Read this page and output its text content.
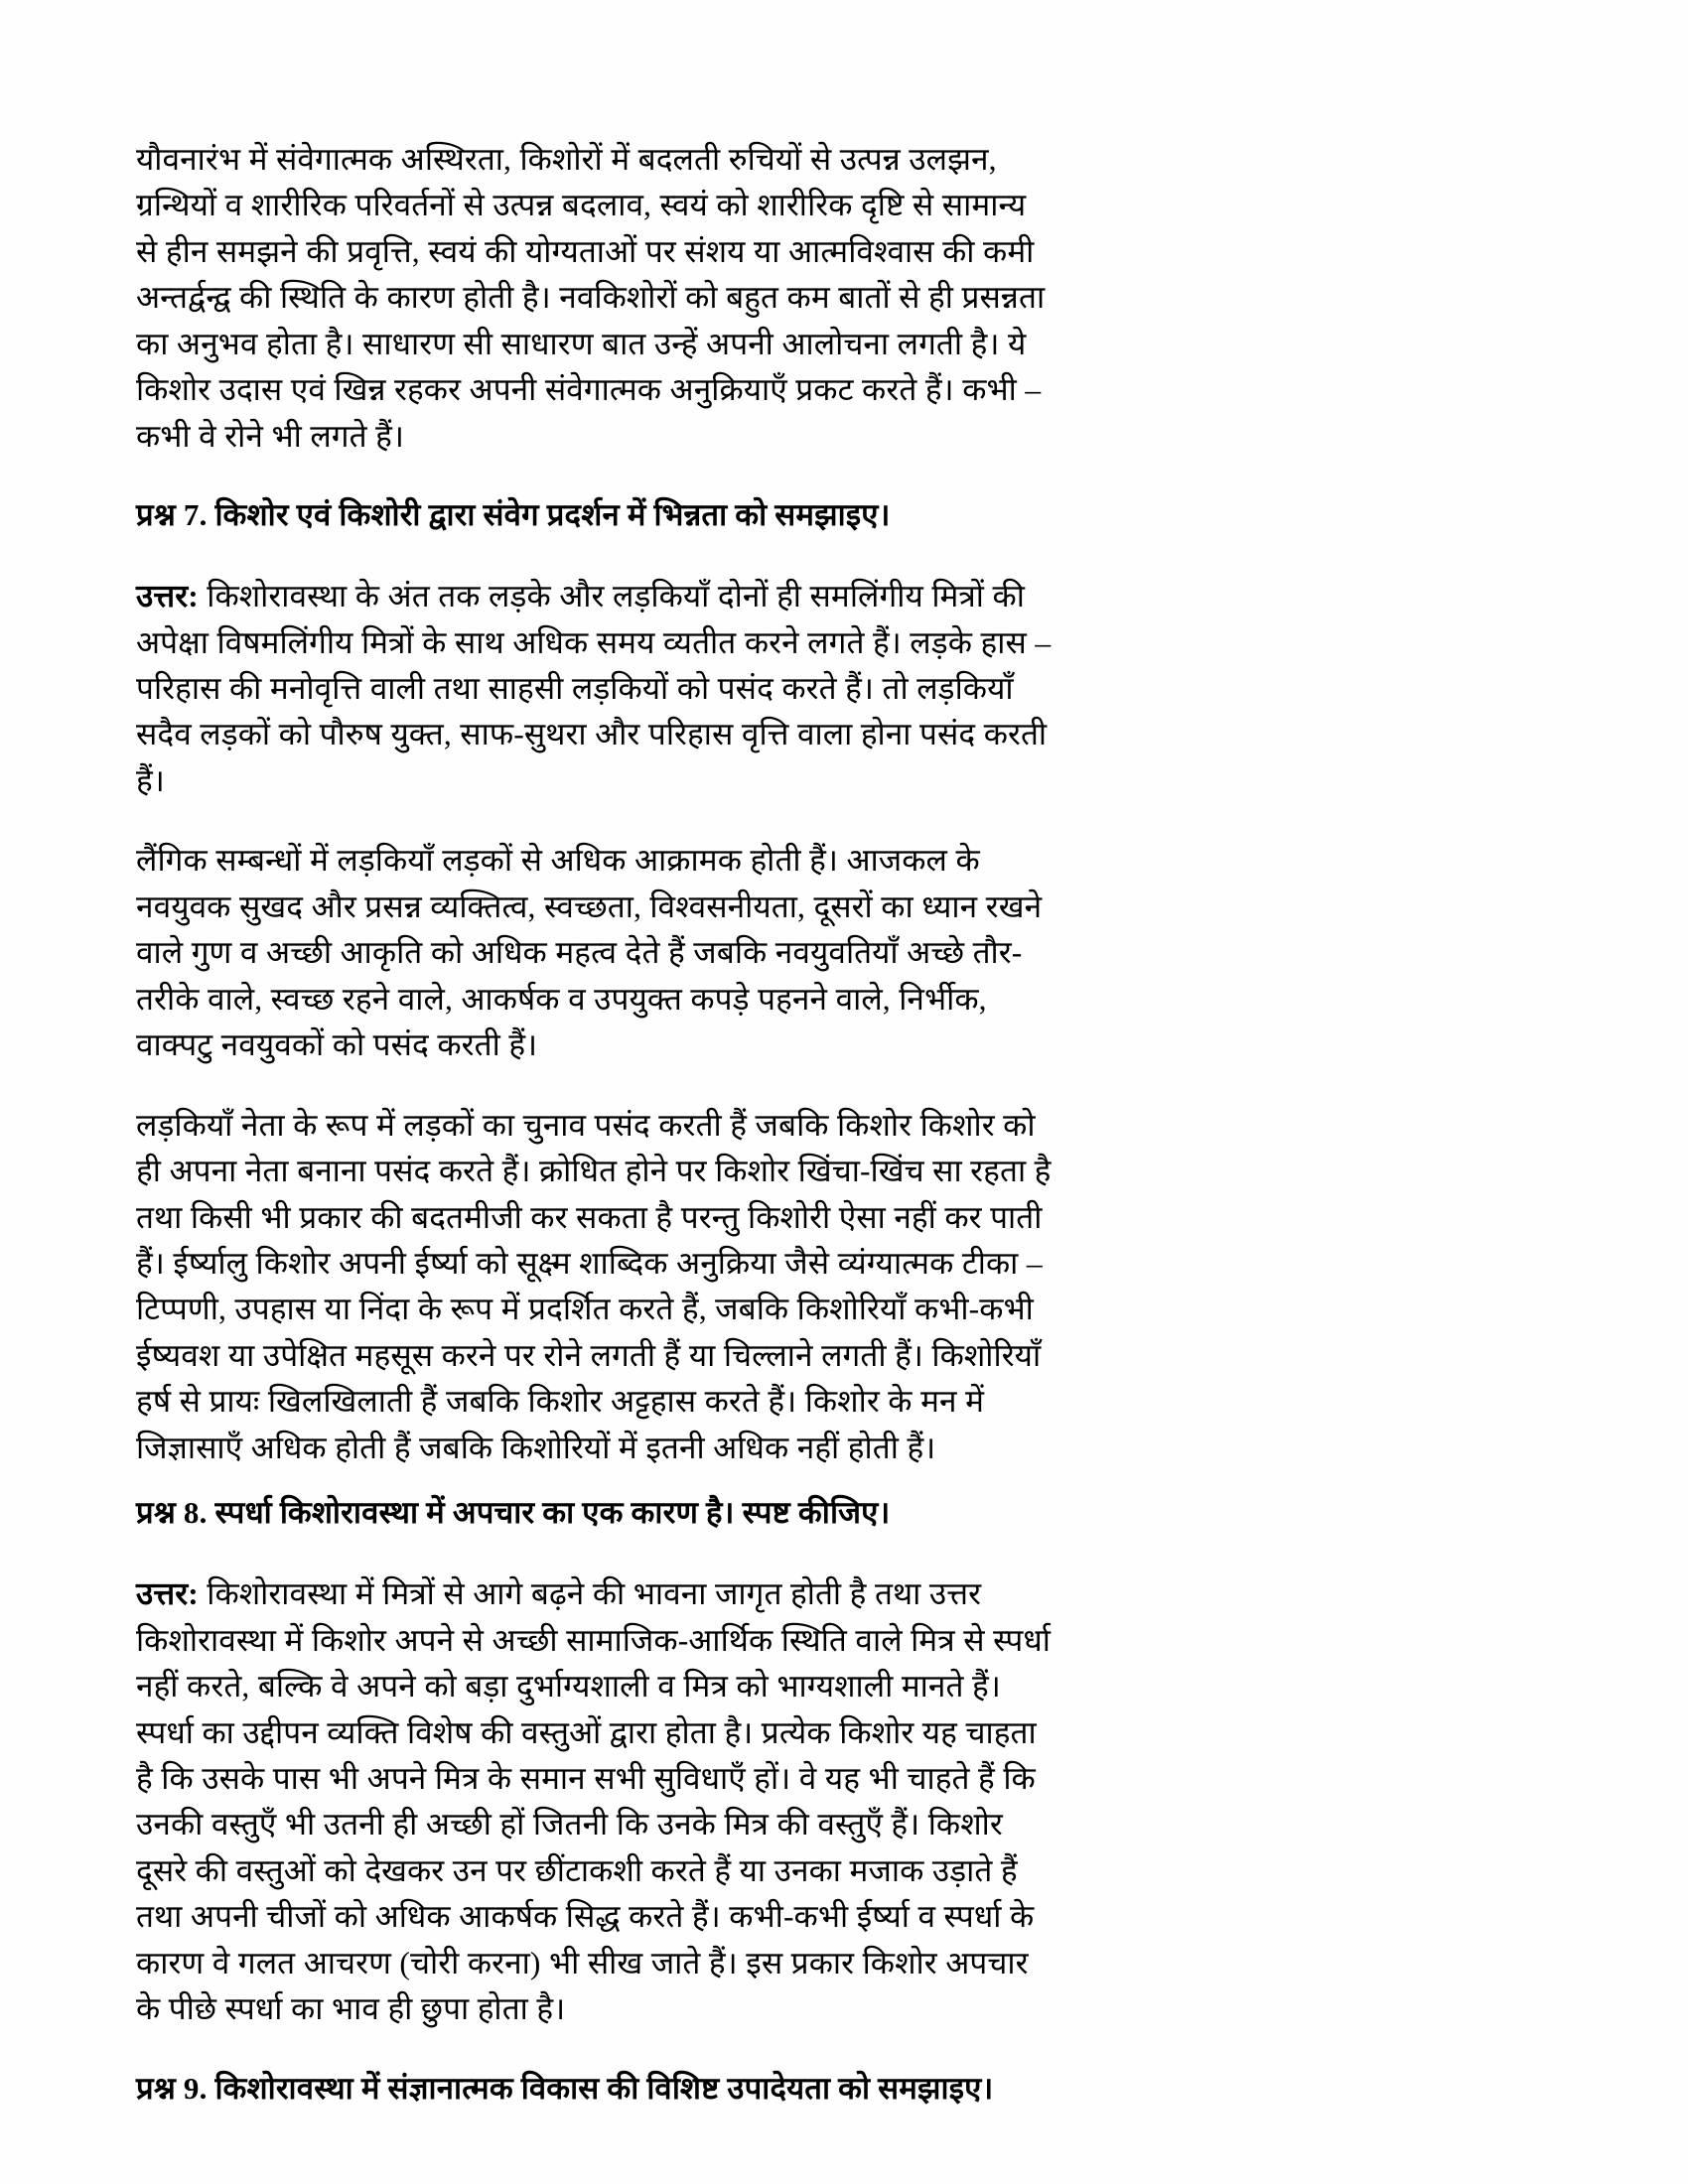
यौवनारंभ में संवेगात्मक अस्थिरता, किशोरों में बदलती रुचियों से उत्पन्न उलझन, ग्रन्थियों व शारीरिक परिवर्तनों से उत्पन्न बदलाव, स्वयं को शारीरिक दृष्टि से सामान्य से हीन समझने की प्रवृत्ति, स्वयं की योग्यताओं पर संशय या आत्मविश्वास की कमी अन्तर्द्वन्द्व की स्थिति के कारण होती है। नवकिशोरों को बहुत कम बातों से ही प्रसन्नता का अनुभव होता है। साधारण सी साधारण बात उन्हें अपनी आलोचना लगती है। ये किशोर उदास एवं खिन्न रहकर अपनी संवेगात्मक अनुक्रियाएँ प्रकट करते हैं। कभी – कभी वे रोने भी लगते हैं।

प्रश्न 7. किशोर एवं किशोरी द्वारा संवेग प्रदर्शन में भिन्नता को समझाइए।

उत्तर: किशोरावस्था के अंत तक लड़के और लड़कियाँ दोनों ही समलिंगीय मित्रों की अपेक्षा विषमलिंगीय मित्रों के साथ अधिक समय व्यतीत करने लगते हैं। लड़के हास – परिहास की मनोवृत्ति वाली तथा साहसी लड़कियों को पसंद करते हैं। तो लड़कियाँ सदैव लड़कों को पौरुष युक्त, साफ-सुथरा और परिहास वृत्ति वाला होना पसंद करती हैं।

लैंगिक सम्बन्धों में लड़कियाँ लड़कों से अधिक आक्रामक होती हैं। आजकल के नवयुवक सुखद और प्रसन्न व्यक्तित्व, स्वच्छता, विश्वसनीयता, दूसरों का ध्यान रखने वाले गुण व अच्छी आकृति को अधिक महत्व देते हैं जबकि नवयुवतियाँ अच्छे तौर-तरीके वाले, स्वच्छ रहने वाले, आकर्षक व उपयुक्त कपड़े पहनने वाले, निर्भीक, वाक्पटु नवयुवकों को पसंद करती हैं।

लड़कियाँ नेता के रूप में लड़कों का चुनाव पसंद करती हैं जबकि किशोर किशोर को ही अपना नेता बनाना पसंद करते हैं। क्रोधित होने पर किशोर खिंचा-खिंच सा रहता है तथा किसी भी प्रकार की बदतमीजी कर सकता है परन्तु किशोरी ऐसा नहीं कर पाती हैं। ईर्ष्यालु किशोर अपनी ईर्ष्या को सूक्ष्म शाब्दिक अनुक्रिया जैसे व्यंग्यात्मक टीका – टिप्पणी, उपहास या निंदा के रूप में प्रदर्शित करते हैं, जबकि किशोरियाँ कभी-कभी ईष्यवश या उपेक्षित महसूस करने पर रोने लगती हैं या चिल्लाने लगती हैं। किशोरियाँ हर्ष से प्रायः खिलखिलाती हैं जबकि किशोर अट्टहास करते हैं। किशोर के मन में जिज्ञासाएँ अधिक होती हैं जबकि किशोरियों में इतनी अधिक नहीं होती हैं।

प्रश्न 8. स्पर्धा किशोरावस्था में अपचार का एक कारण है। स्पष्ट कीजिए।

उत्तर: किशोरावस्था में मित्रों से आगे बढ़ने की भावना जागृत होती है तथा उत्तर किशोरावस्था में किशोर अपने से अच्छी सामाजिक-आर्थिक स्थिति वाले मित्र से स्पर्धा नहीं करते, बल्कि वे अपने को बड़ा दुर्भाग्यशाली व मित्र को भाग्यशाली मानते हैं। स्पर्धा का उद्दीपन व्यक्ति विशेष की वस्तुओं द्वारा होता है। प्रत्येक किशोर यह चाहता है कि उसके पास भी अपने मित्र के समान सभी सुविधाएँ हों। वे यह भी चाहते हैं कि उनकी वस्तुएँ भी उतनी ही अच्छी हों जितनी कि उनके मित्र की वस्तुएँ हैं। किशोर दूसरे की वस्तुओं को देखकर उन पर छींटाकशी करते हैं या उनका मजाक उड़ाते हैं तथा अपनी चीजों को अधिक आकर्षक सिद्ध करते हैं। कभी-कभी ईर्ष्या व स्पर्धा के कारण वे गलत आचरण (चोरी करना) भी सीख जाते हैं। इस प्रकार किशोर अपचार के पीछे स्पर्धा का भाव ही छुपा होता है।

प्रश्न 9. किशोरावस्था में संज्ञानात्मक विकास की विशिष्ट उपादेयता को समझाइए।
